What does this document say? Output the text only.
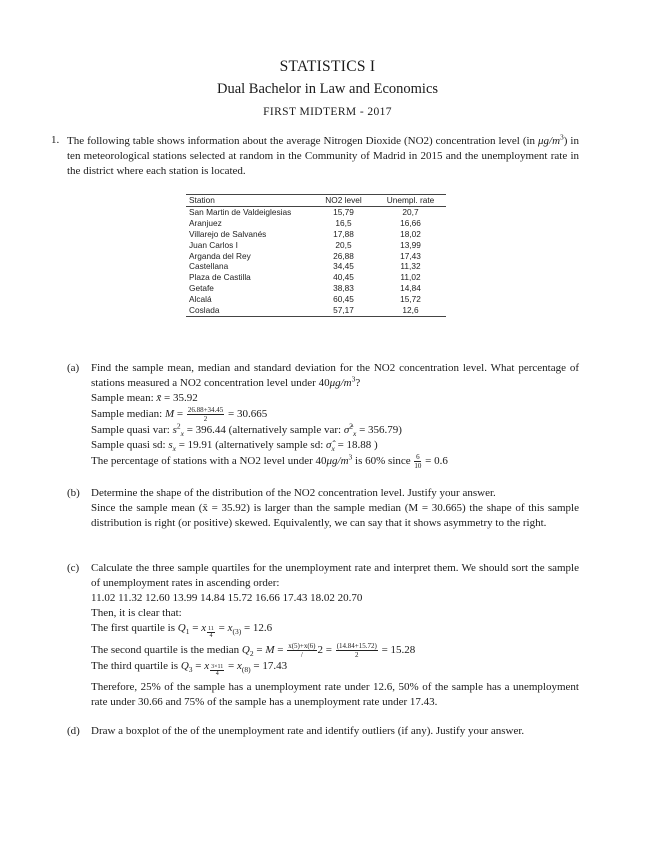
STATISTICS I
Dual Bachelor in Law and Economics
FIRST MIDTERM - 2017
1. The following table shows information about the average Nitrogen Dioxide (NO2) concentration level (in $\mu g/m^3$) in ten meteorological stations selected at random in the Community of Madrid in 2015 and the unemployment rate in the district where each station is located.
Station	NO2 level	Unempl. rate
San Martin de Valdeiglesias	15,79	20,7
Aranjuez	16,5	16,66
Villarejo de Salvanés	17,88	18,02
Juan Carlos I	20,5	13,99
Arganda del Rey	26,88	17,43
Castellana	34,45	11,32
Plaza de Castilla	40,45	11,02
Getafe	38,83	14,84
Alcalá	60,45	15,72
Coslada	57,17	12,6
(a) Find the sample mean, median and standard deviation for the NO2 concentration level. What percentage of stations measured a NO2 concentration level under $40\mu g/m^3$?
Sample mean: x̄ = 35.92
Sample median: $M = \frac{26.88+34.45}{2} = 30.665$
Sample quasi var: $s^2_x = 396.44$ (alternatively sample var: σ̂$^2_x$ = 356.79)
Sample quasi sd: $s_x = 19.91$ (alternatively sample sd: $\sigmâ_x = 18.88$ )
The percentage of stations with a NO2 level under $40\mu g/m^3$ is 60% since $\frac{6}{10} = 0.6$
(b) Determine the shape of the distribution of the NO2 concentration level. Justify your answer.
Since the sample mean (x̄ = 35.92) is larger than the sample median (M = 30.665) the shape of this sample distribution is right (or positive) skewed. Equivalently, we can say that it shows asymmetry to the right.
(c) Calculate the three sample quartiles for the unemployment rate and interpret them. We should sort the sample of unemployment rates in ascending order:
11.02 11.32 12.60 13.99 14.84 15.72 16.66 17.43 18.02 20.70
Then, it is clear that:
The first quartile is $Q_1 = x$ $_{\frac{11}{4}} = x_{(3)} = 12.6$
The second quartile is the median $Q_2 = M = \frac{x(5)+x(6)}{/} 2 = \frac{(14.84+15.72)}{2} = 15.28$
The third quartile is $Q_3 = x$ $_{\frac{3\times 11}{4}} = x_{(8)} = 17.43$
Therefore, 25% of the sample has a unemployment rate under 12.6, 50% of the sample has a unemployment rate under 30.66 and 75% of the sample has a unemployment rate under 17.43.
(d) Draw a boxplot of the of the unemployment rate and identify outliers (if any). Justify your answer.
